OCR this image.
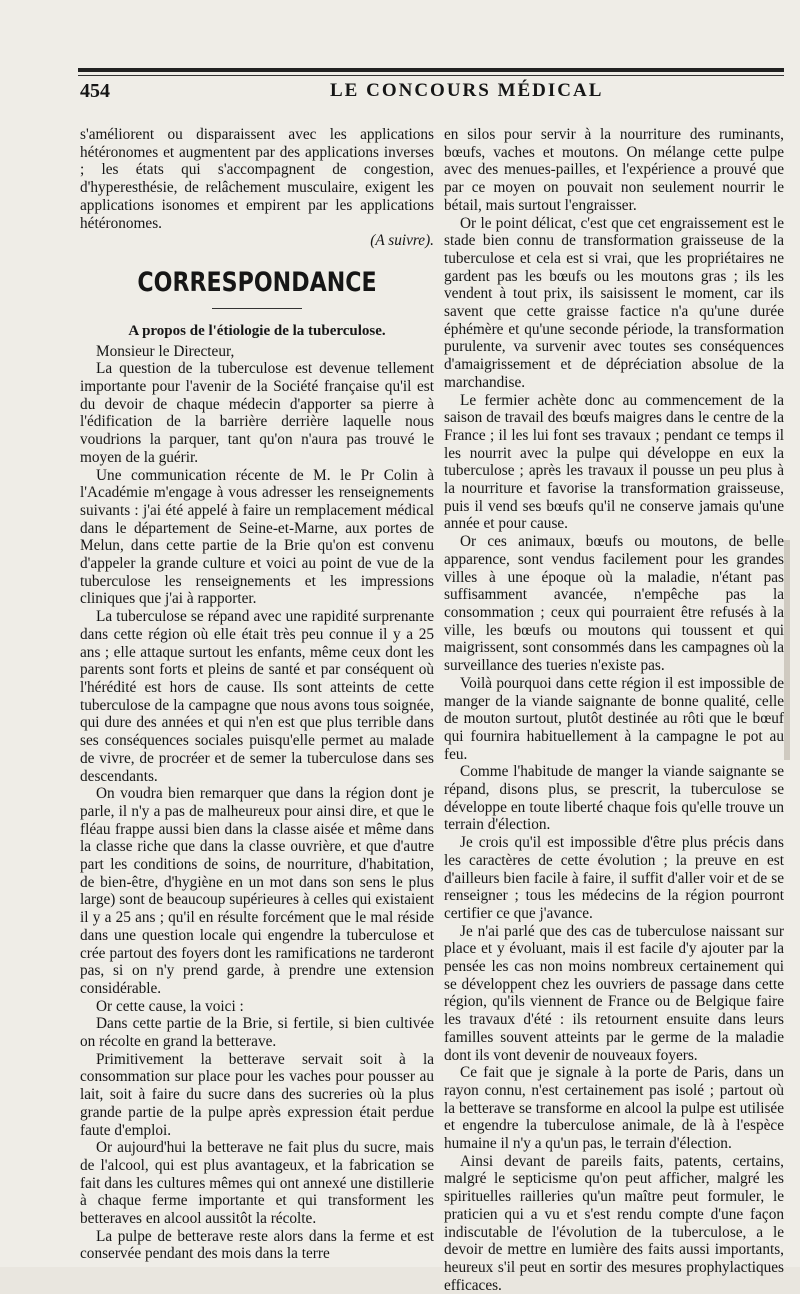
454	LE CONCOURS MÉDICAL

s'améliorent ou disparaissent avec les applications hétéronomes et augmentent par des applications inverses ; les états qui s'accompagnent de congestion, d'hyperesthésie, de relâchement musculaire, exigent les applications isonomes et empirent par les applications hétéronomes.

(A suivre).

CORRESPONDANCE
A propos de l'étiologie de la tuberculose.

Monsieur le Directeur,

La question de la tuberculose est devenue tellement importante pour l'avenir de la Société française qu'il est du devoir de chaque médecin d'apporter sa pierre à l'édification de la barrière derrière laquelle nous voudrions la parquer, tant qu'on n'aura pas trouvé le moyen de la guérir.

Une communication récente de M. le Pr Colin à l'Académie m'engage à vous adresser les renseignements suivants : j'ai été appelé à faire un remplacement médical dans le département de Seine-et-Marne, aux portes de Melun, dans cette partie de la Brie qu'on est convenu d'appeler la grande culture et voici au point de vue de la tuberculose les renseignements et les impressions cliniques que j'ai à rapporter.

La tuberculose se répand avec une rapidité surprenante dans cette région où elle était très peu connue il y a 25 ans ; elle attaque surtout les enfants, même ceux dont les parents sont forts et pleins de santé et par conséquent où l'hérédité est hors de cause. Ils sont atteints de cette tuberculose de la campagne que nous avons tous soignée, qui dure des années et qui n'en est que plus terrible dans ses conséquences sociales puisqu'elle permet au malade de vivre, de procréer et de semer la tuberculose dans ses descendants.

On voudra bien remarquer que dans la région dont je parle, il n'y a pas de malheureux pour ainsi dire, et que le fléau frappe aussi bien dans la classe aisée et même dans la classe riche que dans la classe ouvrière, et que d'autre part les conditions de soins, de nourriture, d'habitation, de bien-être, d'hygiène en un mot dans son sens le plus large) sont de beaucoup supérieures à celles qui existaient il y a 25 ans ; qu'il en résulte forcément que le mal réside dans une question locale qui engendre la tuberculose et crée partout des foyers dont les ramifications ne tarderont pas, si on n'y prend garde, à prendre une extension considérable.

Or cette cause, la voici :

Dans cette partie de la Brie, si fertile, si bien cultivée on récolte en grand la betterave.

Primitivement la betterave servait soit à la consommation sur place pour les vaches pour pousser au lait, soit à faire du sucre dans des sucreries où la plus grande partie de la pulpe après expression était perdue faute d'emploi.

Or aujourd'hui la betterave ne fait plus du sucre, mais de l'alcool, qui est plus avantageux, et la fabrication se fait dans les cultures mêmes qui ont annexé une distillerie à chaque ferme importante et qui transforment les betteraves en alcool aussitôt la récolte.

La pulpe de betterave reste alors dans la ferme et est conservée pendant des mois dans la terre

en silos pour servir à la nourriture des ruminants, bœufs, vaches et moutons. On mélange cette pulpe avec des menues-pailles, et l'expérience a prouvé que par ce moyen on pouvait non seulement nourrir le bétail, mais surtout l'engraisser.

Or le point délicat, c'est que cet engraissement est le stade bien connu de transformation graisseuse de la tuberculose et cela est si vrai, que les propriétaires ne gardent pas les bœufs ou les moutons gras ; ils les vendent à tout prix, ils saisissent le moment, car ils savent que cette graisse factice n'a qu'une durée éphémère et qu'une seconde période, la transformation purulente, va survenir avec toutes ses conséquences d'amaigrissement et de dépréciation absolue de la marchandise.

Le fermier achète donc au commencement de la saison de travail des bœufs maigres dans le centre de la France ; il les lui font ses travaux ; pendant ce temps il les nourrit avec la pulpe qui développe en eux la tuberculose ; après les travaux il pousse un peu plus à la nourriture et favorise la transformation graisseuse, puis il vend ses bœufs qu'il ne conserve jamais qu'une année et pour cause.

Or ces animaux, bœufs ou moutons, de belle apparence, sont vendus facilement pour les grandes villes à une époque où la maladie, n'étant pas suffisamment avancée, n'empêche pas la consommation ; ceux qui pourraient être refusés à la ville, les bœufs ou moutons qui toussent et qui maigrissent, sont consommés dans les campagnes où la surveillance des tueries n'existe pas.

Voilà pourquoi dans cette région il est impossible de manger de la viande saignante de bonne qualité, celle de mouton surtout, plutôt destinée au rôti que le bœuf qui fournira habituellement à la campagne le pot au feu.

Comme l'habitude de manger la viande saignante se répand, disons plus, se prescrit, la tuberculose se développe en toute liberté chaque fois qu'elle trouve un terrain d'élection.

Je crois qu'il est impossible d'être plus précis dans les caractères de cette évolution ; la preuve en est d'ailleurs bien facile à faire, il suffit d'aller voir et de se renseigner ; tous les médecins de la région pourront certifier ce que j'avance.

Je n'ai parlé que des cas de tuberculose naissant sur place et y évoluant, mais il est facile d'y ajouter par la pensée les cas non moins nombreux certainement qui se développent chez les ouvriers de passage dans cette région, qu'ils viennent de France ou de Belgique faire les travaux d'été : ils retournent ensuite dans leurs familles souvent atteints par le germe de la maladie dont ils vont devenir de nouveaux foyers.

Ce fait que je signale à la porte de Paris, dans un rayon connu, n'est certainement pas isolé ; partout où la betterave se transforme en alcool la pulpe est utilisée et engendre la tuberculose animale, de là à l'espèce humaine il n'y a qu'un pas, le terrain d'élection.

Ainsi devant de pareils faits, patents, certains, malgré le septicisme qu'on peut afficher, malgré les spirituelles railleries qu'un maître peut formuler, le praticien qui a vu et s'est rendu compte d'une façon indiscutable de l'évolution de la tuberculose, a le devoir de mettre en lumière des faits aussi importants, heureux s'il peut en sortir des mesures prophylactiques efficaces.
